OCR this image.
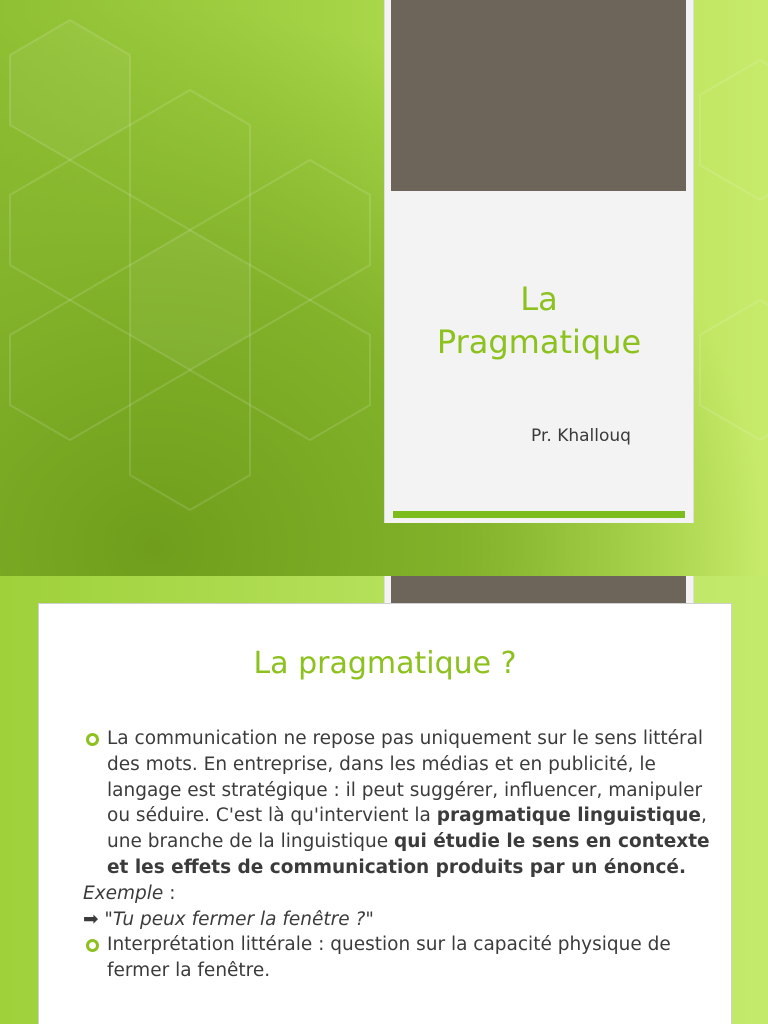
La
Pragmatique
Pr. Khallouq
La pragmatique ?
La communication ne repose pas uniquement sur le sens littéral des mots. En entreprise, dans les médias et en publicité, le langage est stratégique : il peut suggérer, influencer, manipuler ou séduire. C'est là qu'intervient la pragmatique linguistique, une branche de la linguistique qui étudie le sens en contexte et les effets de communication produits par un énoncé.
Exemple :
➡ "Tu peux fermer la fenêtre ?"
Interprétation littérale : question sur la capacité physique de fermer la fenêtre.
